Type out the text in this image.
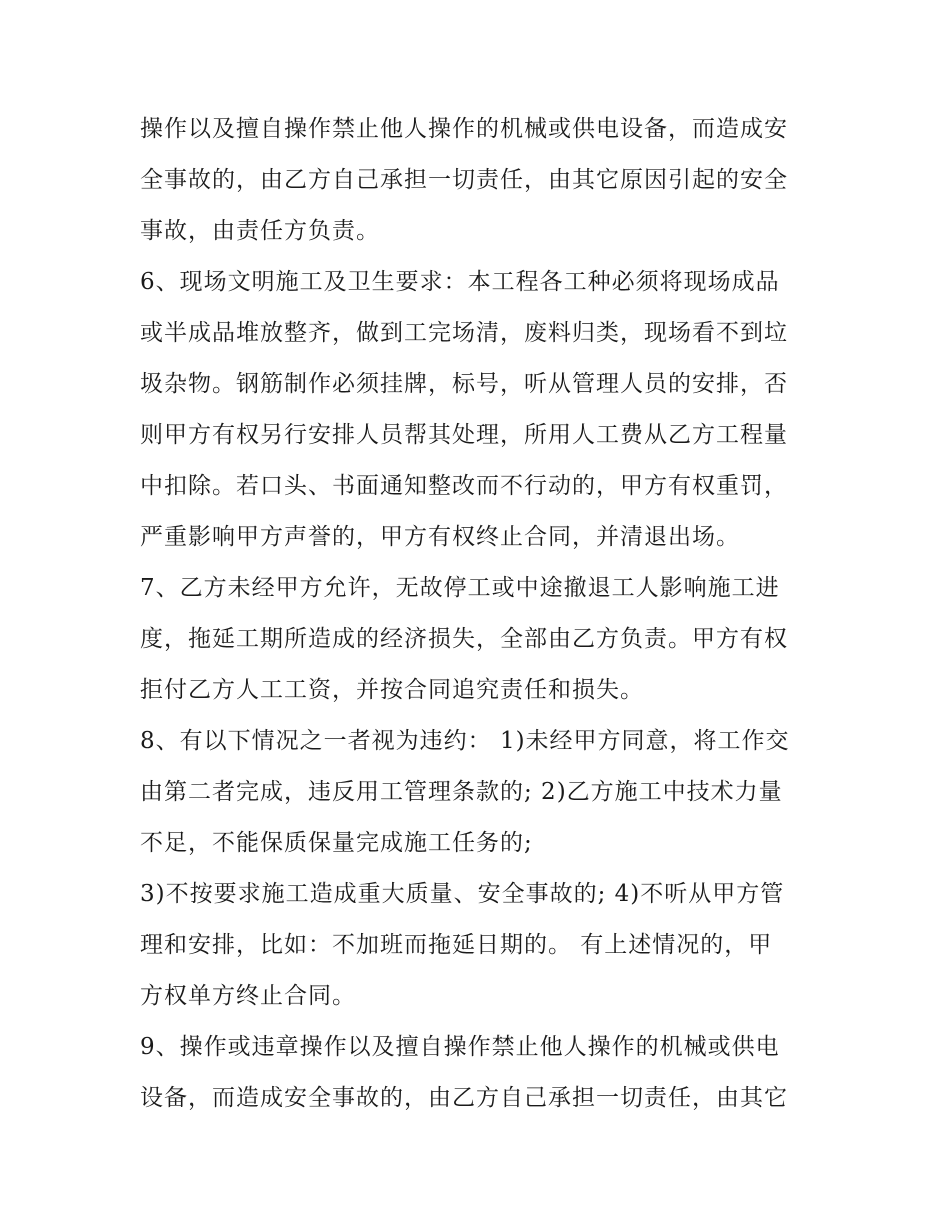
操作以及擅自操作禁止他人操作的机械或供电设备，而造成安
全事故的，由乙方自己承担一切责任，由其它原因引起的安全
事故，由责任方负责。

6、现场文明施工及卫生要求：本工程各工种必须将现场成品
或半成品堆放整齐，做到工完场清，废料归类，现场看不到垃
圾杂物。钢筋制作必须挂牌，标号，听从管理人员的安排，否
则甲方有权另行安排人员帮其处理，所用人工费从乙方工程量
中扣除。若口头、书面通知整改而不行动的，甲方有权重罚，
严重影响甲方声誉的，甲方有权终止合同，并清退出场。

7、乙方未经甲方允许，无故停工或中途撤退工人影响施工进
度，拖延工期所造成的经济损失，全部由乙方负责。甲方有权
拒付乙方人工工资，并按合同追究责任和损失。

8、有以下情况之一者视为违约： 1)未经甲方同意，将工作交
由第二者完成，违反用工管理条款的; 2)乙方施工中技术力量
不足，不能保质保量完成施工任务的;

3)不按要求施工造成重大质量、安全事故的; 4)不听从甲方管
理和安排，比如：不加班而拖延日期的。 有上述情况的，甲
方权单方终止合同。

9、操作或违章操作以及擅自操作禁止他人操作的机械或供电
设备，而造成安全事故的，由乙方自己承担一切责任，由其它
